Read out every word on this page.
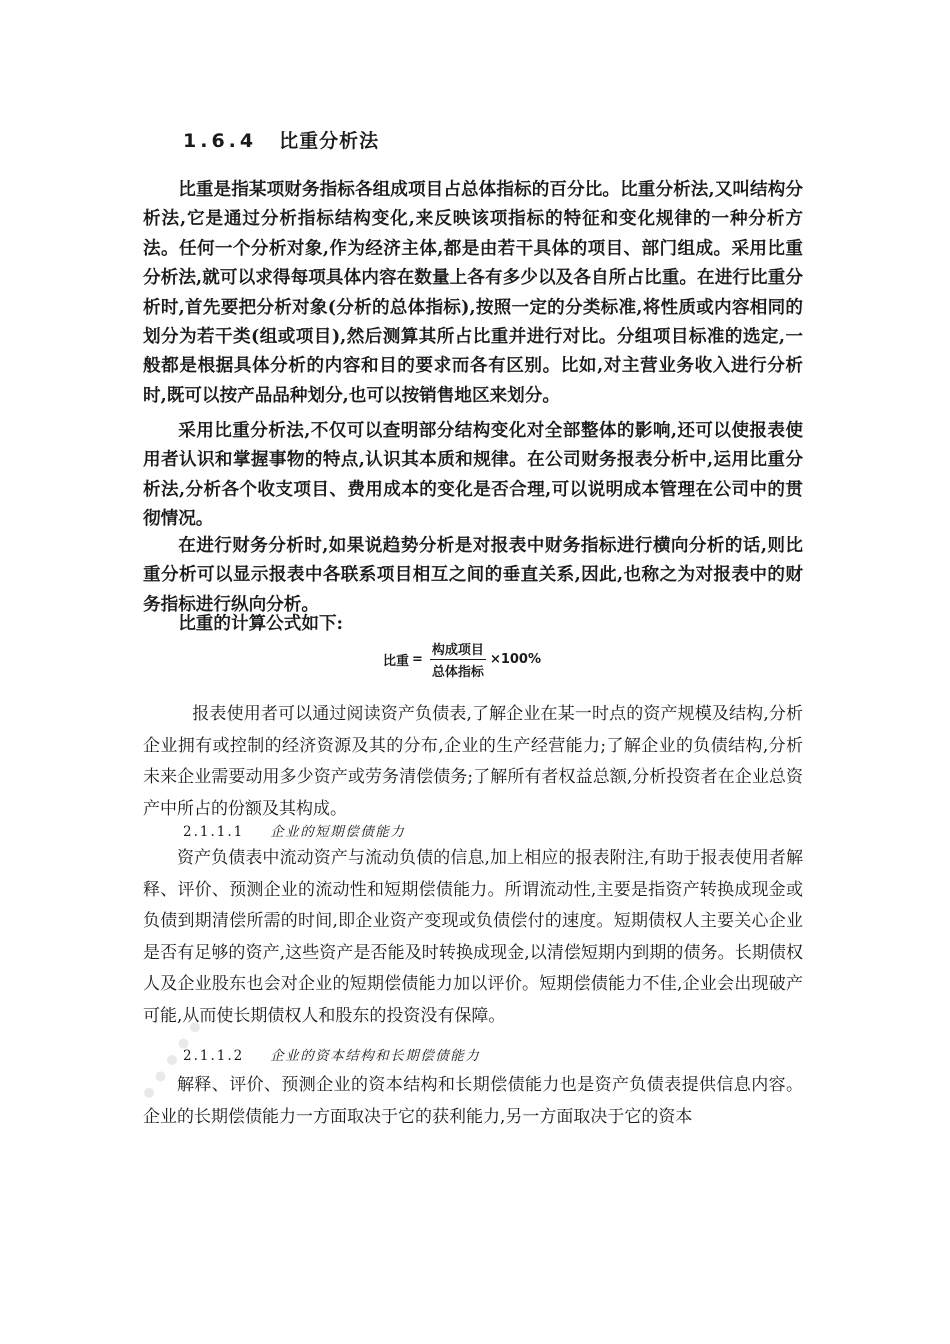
1.6.4 比重分析法

比重是指某项财务指标各组成项目占总体指标的百分比。比重分析法,又叫结构分析法,它是通过分析指标结构变化,来反映该项指标的特征和变化规律的一种分析方法。任何一个分析对象,作为经济主体,都是由若干具体的项目、部门组成。采用比重分析法,就可以求得每项具体内容在数量上各有多少以及各自所占比重。在进行比重分析时,首先要把分析对象(分析的总体指标),按照一定的分类标准,将性质或内容相同的划分为若干类(组或项目),然后测算其所占比重并进行对比。分组项目标准的选定,一般都是根据具体分析的内容和目的要求而各有区别。比如,对主营业务收入进行分析时,既可以按产品品种划分,也可以按销售地区来划分。

采用比重分析法,不仅可以查明部分结构变化对全部整体的影响,还可以使报表使用者认识和掌握事物的特点,认识其本质和规律。在公司财务报表分析中,运用比重分析法,分析各个收支项目、费用成本的变化是否合理,可以说明成本管理在公司中的贯彻情况。

在进行财务分析时,如果说趋势分析是对报表中财务指标进行横向分析的话,则比重分析可以显示报表中各联系项目相互之间的垂直关系,因此,也称之为对报表中的财务指标进行纵向分析。

比重的计算公式如下:

比重 = $\frac{\text{构成项目}}{\text{总体指标}} \times 100\%$

报表使用者可以通过阅读资产负债表,了解企业在某一时点的资产规模及结构,分析企业拥有或控制的经济资源及其的分布,企业的生产经营能力;了解企业的负债结构,分析未来企业需要动用多少资产或劳务清偿债务;了解所有者权益总额,分析投资者在企业总资产中所占的份额及其构成。

2.1.1.1 企业的短期偿债能力

资产负债表中流动资产与流动负债的信息,加上相应的报表附注,有助于报表使用者解释、评价、预测企业的流动性和短期偿债能力。所谓流动性,主要是指资产转换成现金或负债到期清偿所需的时间,即企业资产变现或负债偿付的速度。短期债权人主要关心企业是否有足够的资产,这些资产是否能及时转换成现金,以清偿短期内到期的债务。长期债权人及企业股东也会对企业的短期偿债能力加以评价。短期偿债能力不佳,企业会出现破产可能,从而使长期债权人和股东的投资没有保障。

2.1.1.2 企业的资本结构和长期偿债能力

解释、评价、预测企业的资本结构和长期偿债能力也是资产负债表提供信息内容。企业的长期偿债能力一方面取决于它的获利能力,另一方面取决于它的资本
